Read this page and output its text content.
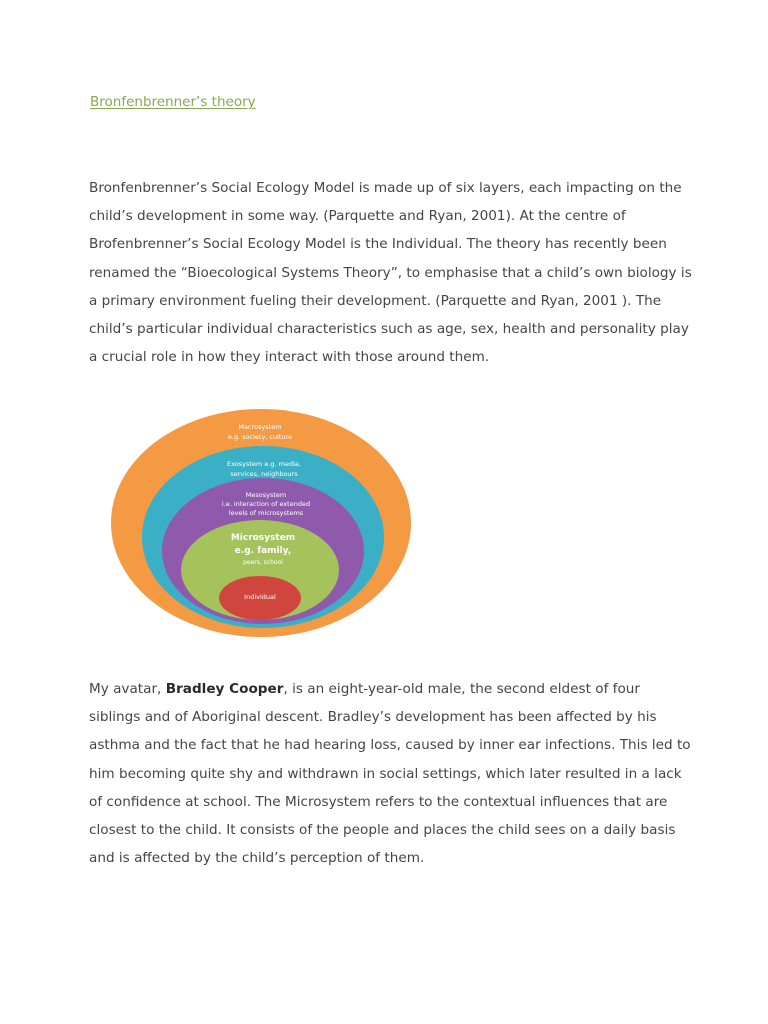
Bronfenbrenner’s theory

Bronfenbrenner’s Social Ecology Model is made up of six layers, each impacting on the
child’s development in some way. (Parquette and Ryan, 2001). At the centre of
Brofenbrenner’s Social Ecology Model is the Individual. The theory has recently been
renamed the “Bioecological Systems Theory”, to emphasise that a child’s own biology is
a primary environment fueling their development. (Parquette and Ryan, 2001 ). The
child’s particular individual characteristics such as age, sex, health and personality play
a crucial role in how they interact with those around them.

Macrosystem
e.g. society, culture
Exosystem e.g. media,
services, neighbours
Mesosystem
i.e. interaction of extended
levels of microsystems
Microsystem
e.g. family,
peers, school
Individual

My avatar, Bradley Cooper, is an eight-year-old male, the second eldest of four
siblings and of Aboriginal descent. Bradley’s development has been affected by his
asthma and the fact that he had hearing loss, caused by inner ear infections. This led to
him becoming quite shy and withdrawn in social settings, which later resulted in a lack
of confidence at school. The Microsystem refers to the contextual influences that are
closest to the child. It consists of the people and places the child sees on a daily basis
and is affected by the child’s perception of them.
